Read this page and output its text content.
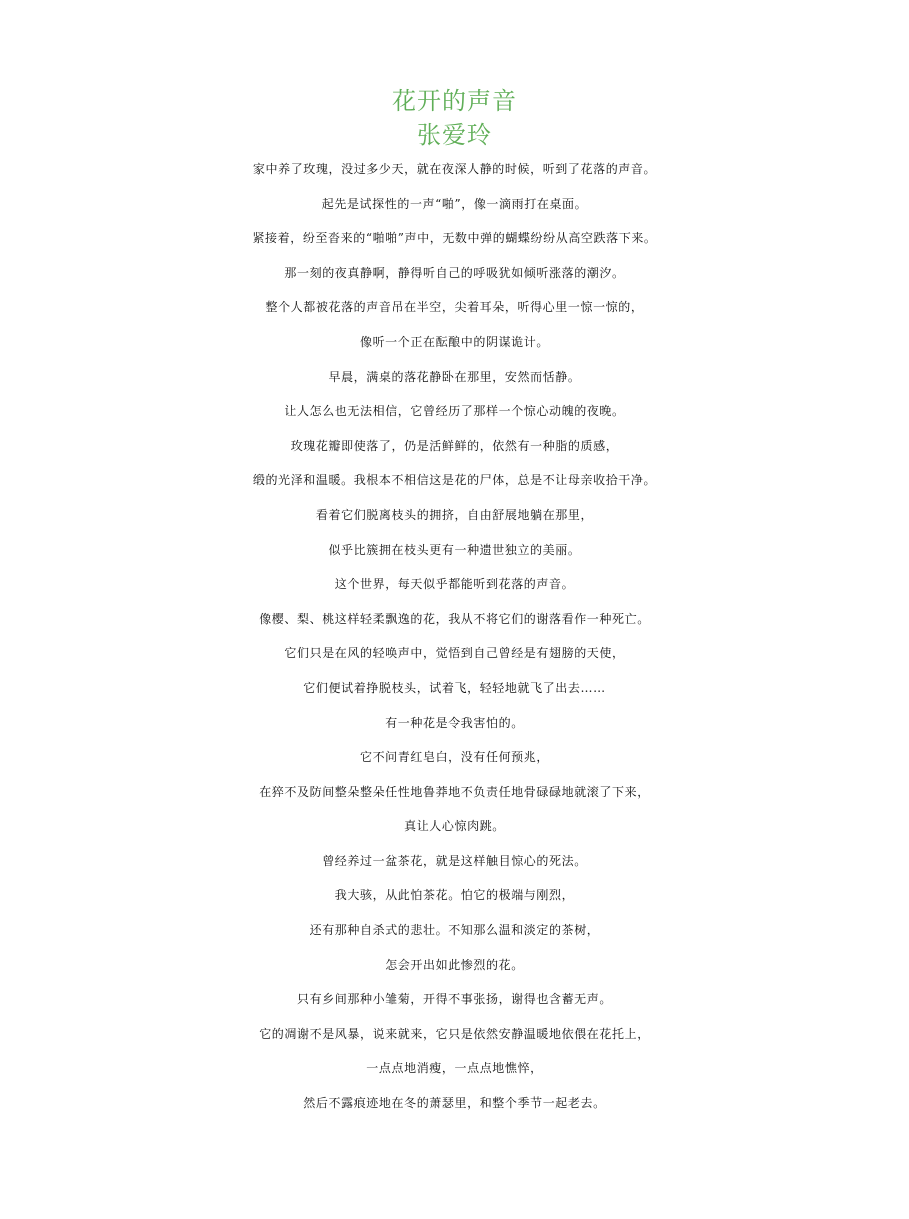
花开的声音
张爱玲
家中养了玫瑰，没过多少天，就在夜深人静的时候，听到了花落的声音。
起先是试探性的一声“啪”，像一滴雨打在桌面。
紧接着，纷至沓来的“啪啪”声中，无数中弹的蝴蝶纷纷从高空跌落下来。
那一刻的夜真静啊，静得听自己的呼吸犹如倾听涨落的潮汐。
整个人都被花落的声音吊在半空，尖着耳朵，听得心里一惊一惊的，
像听一个正在酝酿中的阴谋诡计。
早晨，满桌的落花静卧在那里，安然而恬静。
让人怎么也无法相信，它曾经历了那样一个惊心动魄的夜晚。
玫瑰花瓣即使落了，仍是活鲜鲜的，依然有一种脂的质感，
缎的光泽和温暖。我根本不相信这是花的尸体，总是不让母亲收拾干净。
看着它们脱离枝头的拥挤，自由舒展地躺在那里，
似乎比簇拥在枝头更有一种遗世独立的美丽。
这个世界，每天似乎都能听到花落的声音。
像樱、梨、桃这样轻柔飘逸的花，我从不将它们的谢落看作一种死亡。
它们只是在风的轻唤声中，觉悟到自己曾经是有翅膀的天使，
它们便试着挣脱枝头，试着飞，轻轻地就飞了出去……
有一种花是令我害怕的。
它不问青红皂白，没有任何预兆，
在猝不及防间整朵整朵任性地鲁莽地不负责任地骨碌碌地就滚了下来，
真让人心惊肉跳。
曾经养过一盆茶花，就是这样触目惊心的死法。
我大骇，从此怕茶花。怕它的极端与刚烈，
还有那种自杀式的悲壮。不知那么温和淡定的茶树，
怎会开出如此惨烈的花。
只有乡间那种小雏菊，开得不事张扬，谢得也含蓄无声。
它的凋谢不是风暴，说来就来，它只是依然安静温暖地依偎在花托上，
一点点地消瘦，一点点地憔悴，
然后不露痕迹地在冬的萧瑟里，和整个季节一起老去。
